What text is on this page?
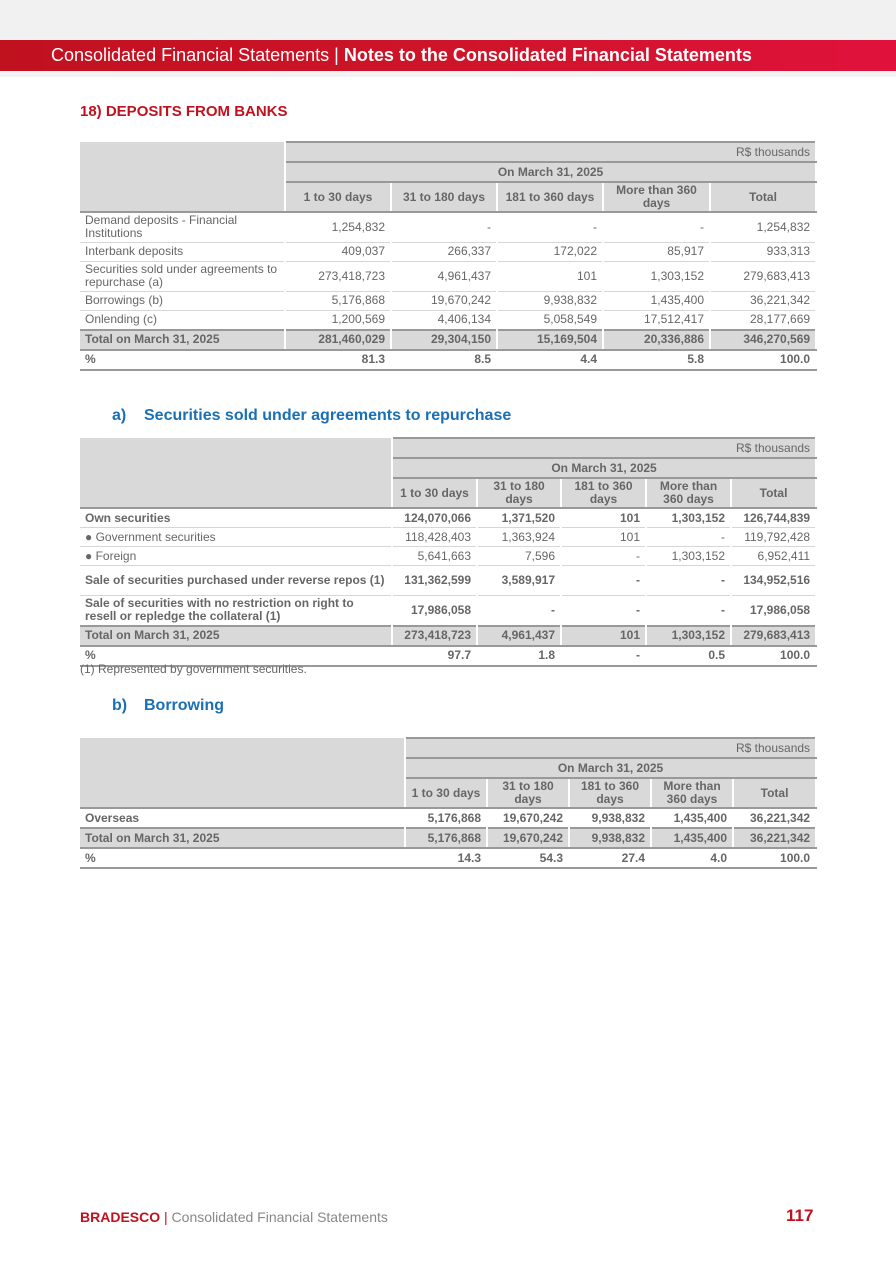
Consolidated Financial Statements | Notes to the Consolidated Financial Statements
18) DEPOSITS FROM BANKS
	R$ thousands				
	On March 31, 2025				
	1 to 30 days	31 to 180 days	181 to 360 days	More than 360 days	Total
Demand deposits - Financial Institutions	1,254,832	-	-	-	1,254,832
Interbank deposits	409,037	266,337	172,022	85,917	933,313
Securities sold under agreements to repurchase (a)	273,418,723	4,961,437	101	1,303,152	279,683,413
Borrowings (b)	5,176,868	19,670,242	9,938,832	1,435,400	36,221,342
Onlending (c)	1,200,569	4,406,134	5,058,549	17,512,417	28,177,669
Total on March 31, 2025	281,460,029	29,304,150	15,169,504	20,336,886	346,270,569
%	81.3	8.5	4.4	5.8	100.0
a) Securities sold under agreements to repurchase
	R$ thousands				
	On March 31, 2025				
	1 to 30 days	31 to 180 days	181 to 360 days	More than 360 days	Total
Own securities	124,070,066	1,371,520	101	1,303,152	126,744,839
● Government securities	118,428,403	1,363,924	101	-	119,792,428
● Foreign	5,641,663	7,596	-	1,303,152	6,952,411
Sale of securities purchased under reverse repos (1)	131,362,599	3,589,917	-	-	134,952,516
Sale of securities with no restriction on right to resell or repledge the collateral (1)	17,986,058	-	-	-	17,986,058
Total on March 31, 2025	273,418,723	4,961,437	101	1,303,152	279,683,413
%	97.7	1.8	-	0.5	100.0
(1) Represented by government securities.
b) Borrowing
	R$ thousands				
	On March 31, 2025				
	1 to 30 days	31 to 180 days	181 to 360 days	More than 360 days	Total
Overseas	5,176,868	19,670,242	9,938,832	1,435,400	36,221,342
Total on March 31, 2025	5,176,868	19,670,242	9,938,832	1,435,400	36,221,342
%	14.3	54.3	27.4	4.0	100.0
BRADESCO | Consolidated Financial Statements	117
